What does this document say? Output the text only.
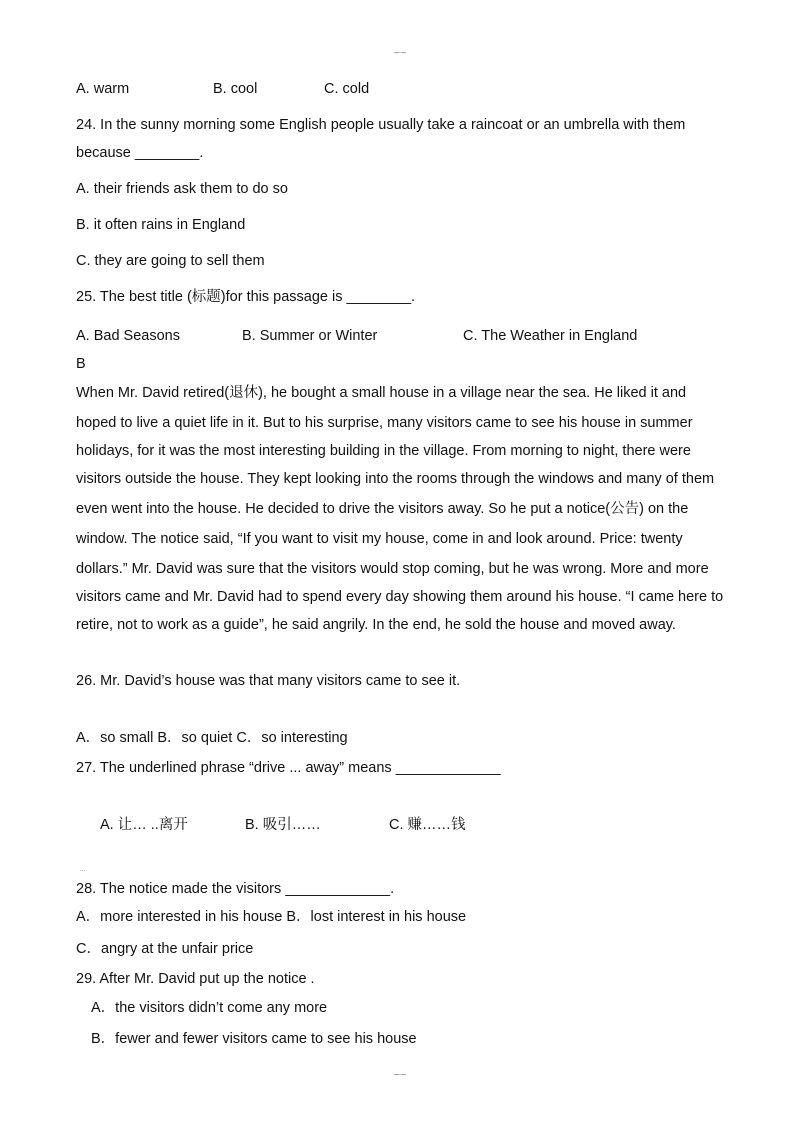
–·–
A. warm	B. cool	C. cold
24. In the sunny morning some English people usually take a raincoat or an umbrella with them
because ________.
A. their friends ask them to do so
B. it often rains in England
C. they are going to sell them
25. The best title (标题)for this passage is ________.
A. Bad Seasons	B. Summer or Winter	C. The Weather in England
B
When Mr. David retired(退休), he bought a small house in a village near the sea. He liked it and
hoped to live a quiet life in it. But to his surprise, many visitors came to see his house in summer
holidays, for it was the most interesting building in the village. From morning to night, there were
visitors outside the house. They kept looking into the rooms through the windows and many of them
even went into the house. He decided to drive the visitors away. So he put a notice(公告) on the
window. The notice said, “If you want to visit my house, come in and look around. Price: twenty
dollars.” Mr. David was sure that the visitors would stop coming, but he was wrong. More and more
visitors came and Mr. David had to spend every day showing them around his house. “I came here to
retire, not to work as a guide”, he said angrily. In the end, he sold the house and moved away.
26. Mr. David’s house was that many visitors came to see it.
A．so small B．so quiet C．so interesting
27. The underlined phrase “drive ... away” means _____________
A. 让… ..离开	B. 吸引……	C. 赚……钱
...
28. The notice made the visitors _____________.
A．more interested in his house B．lost interest in his house
C．angry at the unfair price
29. After Mr. David put up the notice .
A．the visitors didn’t come any more
B．fewer and fewer visitors came to see his house
–·–
